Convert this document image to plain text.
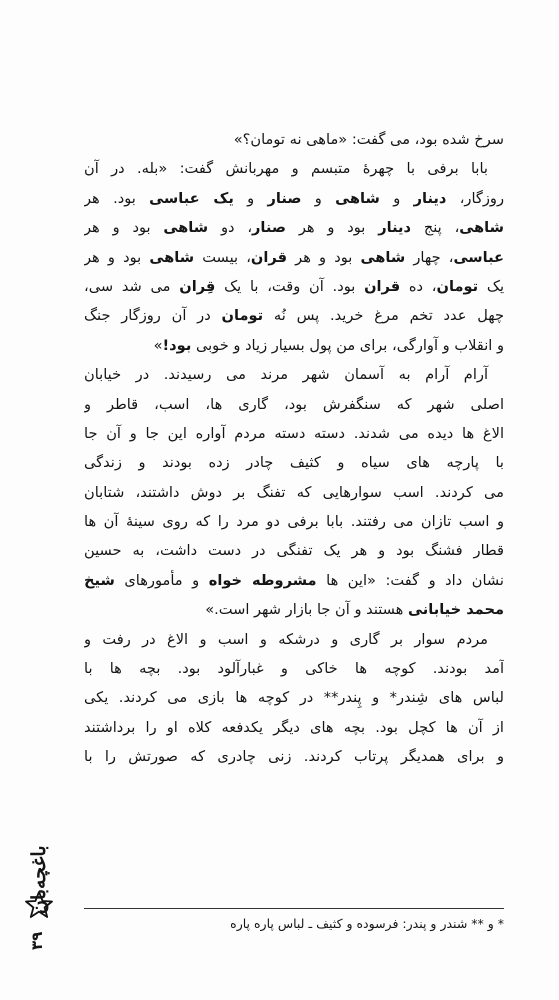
سرخ شده بود، می گفت: «ماهی نه تومان؟»
بابا برفی با چهرهٔ متبسم و مهربانش گفت: «بله. در آن
روزگار، دینار و شاهی و صنار و یک عباسی بود. هر
شاهی، پنج دینار بود و هر صنار، دو شاهی بود و هر
عباسی، چهار شاهی بود و هر قران، بیست شاهی بود و هر
یک تومان، ده قران بود. آن وقت، با یک قِران می شد سی،
چهل عدد تخم مرغ خرید. پس نُه تومان در آن روزگار جنگ
و انقلاب و آوارگی، برای من پول بسیار زیاد و خوبی بود!»
آرام آرام به آسمان شهر مرند می رسیدند. در خیابان
اصلی شهر که سنگفرش بود، گاری ها، اسب، قاطر و
الاغ ها دیده می شدند. دسته دسته مردم آواره این جا و آن جا
با پارچه های سیاه و کثیف چادر زده بودند و زندگی
می کردند. اسب سوارهایی که تفنگ بر دوش داشتند، شتابان
و اسب تازان می رفتند. بابا برفی دو مرد را که روی سینهٔ آن ها
قطار فشنگ بود و هر یک تفنگی در دست داشت، به حسین
نشان داد و گفت: «این ها مشروطه خواه و مأمورهای شیخ
محمد خیابانی هستند و آن جا بازار شهر است.»
مردم سوار بر گاری و درشکه و اسب و الاغ در رفت و
آمد بودند. کوچه ها خاکی و غبارآلود بود. بچه ها با
لباس های شِندر* و پِندر** در کوچه ها بازی می کردند. یکی
از آن ها کچل بود. بچه های دیگر یکدفعه کلاه او را برداشتند
و برای همدیگر پرتاب کردند. زنی چادری که صورتش را با
* و ** شندر و پندر: فرسوده و کثیف ـ لباس پاره پاره
باغچه‌بان
۳۹
